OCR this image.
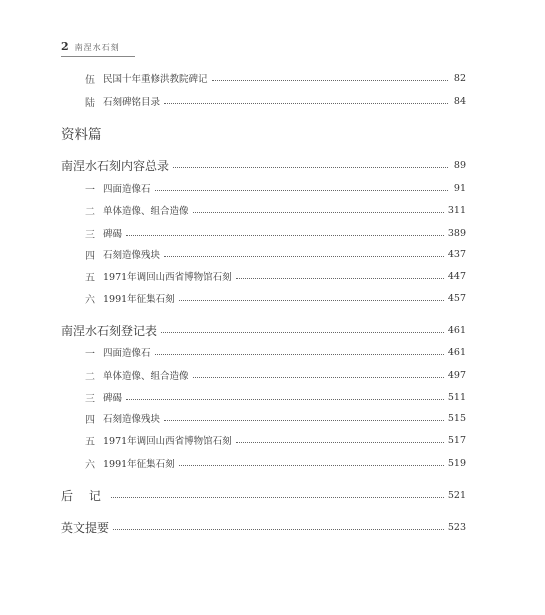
2 南涅水石刻
伍 民国十年重修洪教院碑记	82
陆 石刻碑铭目录	84
资料篇
南涅水石刻内容总录	89
一 四面造像石	91
二 单体造像、组合造像	311
三 碑碣	389
四 石刻造像残块	437
五 1971年调回山西省博物馆石刻	447
六 1991年征集石刻	457
南涅水石刻登记表	461
一 四面造像石	461
二 单体造像、组合造像	497
三 碑碣	511
四 石刻造像残块	515
五 1971年调回山西省博物馆石刻	517
六 1991年征集石刻	519
后 记	521
英文提要	523
